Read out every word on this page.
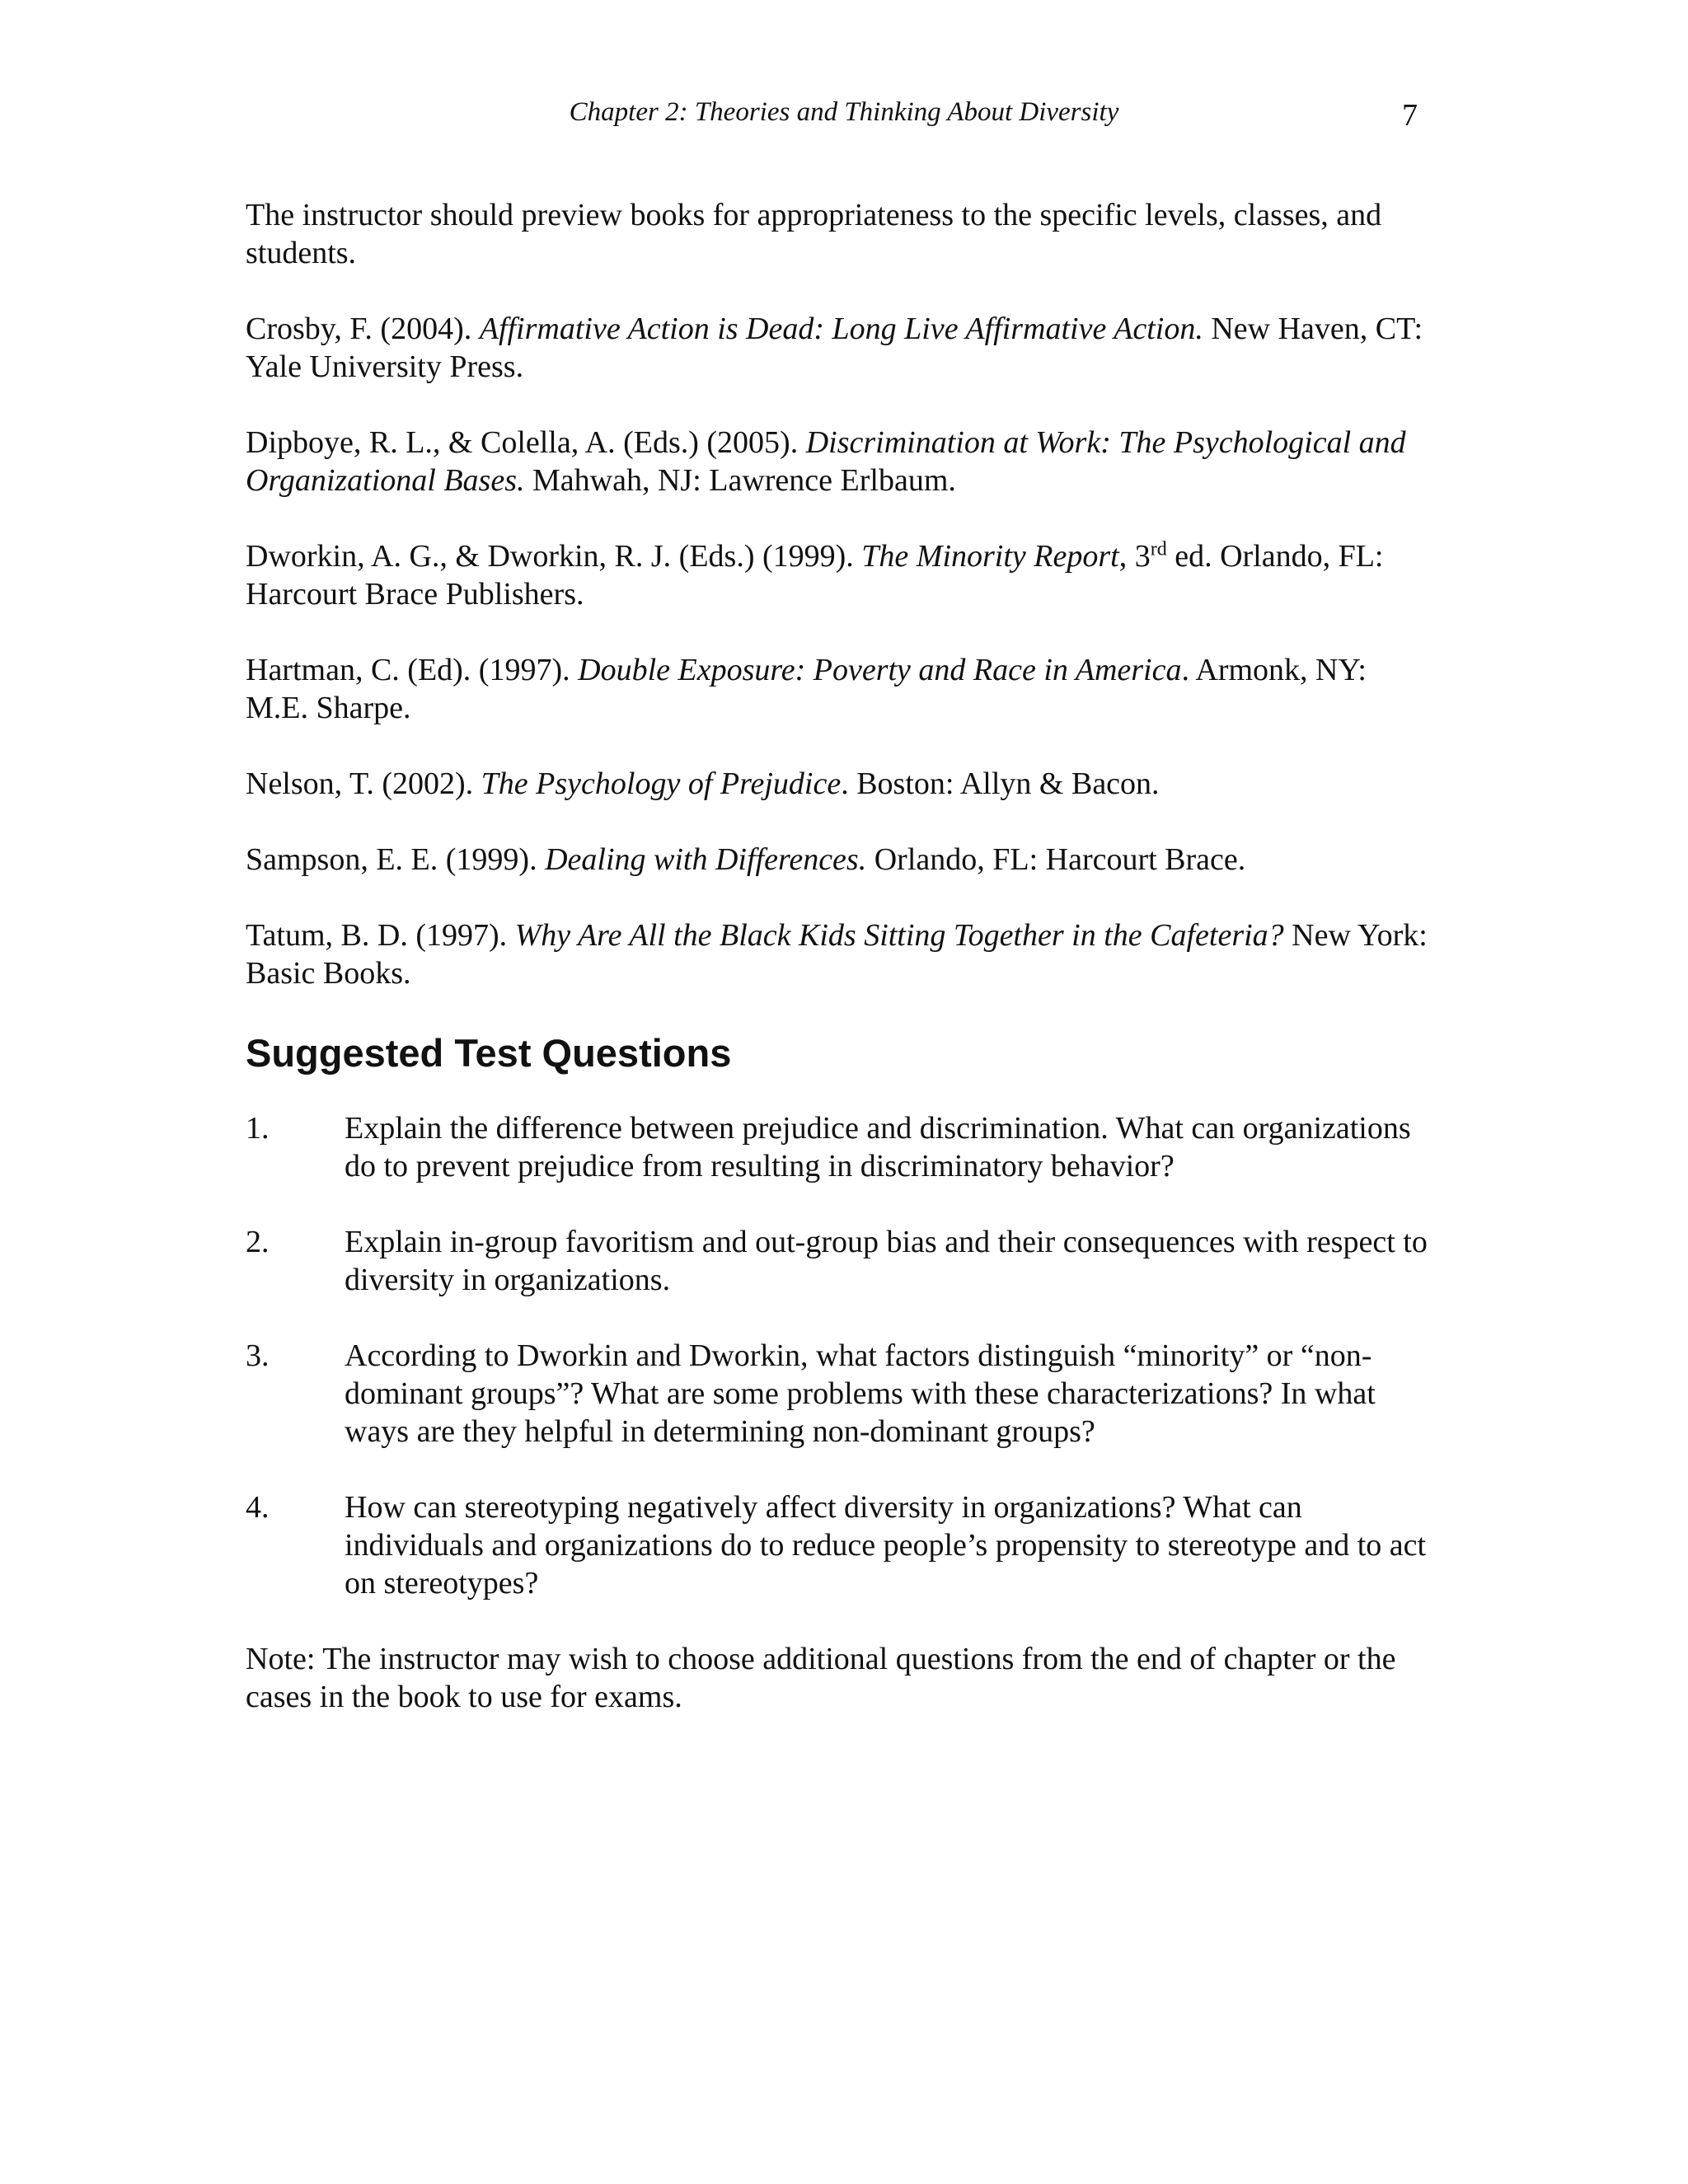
Chapter 2: Theories and Thinking About Diversity	7

The instructor should preview books for appropriateness to the specific levels, classes, and students.

Crosby, F. (2004). Affirmative Action is Dead: Long Live Affirmative Action. New Haven, CT: Yale University Press.

Dipboye, R. L., & Colella, A. (Eds.) (2005). Discrimination at Work: The Psychological and Organizational Bases. Mahwah, NJ: Lawrence Erlbaum.

Dworkin, A. G., & Dworkin, R. J. (Eds.) (1999). The Minority Report, 3rd ed. Orlando, FL: Harcourt Brace Publishers.

Hartman, C. (Ed). (1997). Double Exposure: Poverty and Race in America. Armonk, NY: M.E. Sharpe.

Nelson, T. (2002). The Psychology of Prejudice. Boston: Allyn & Bacon.

Sampson, E. E. (1999). Dealing with Differences. Orlando, FL: Harcourt Brace.

Tatum, B. D. (1997). Why Are All the Black Kids Sitting Together in the Cafeteria? New York: Basic Books.

Suggested Test Questions
1.	Explain the difference between prejudice and discrimination. What can organizations do to prevent prejudice from resulting in discriminatory behavior?
2.	Explain in-group favoritism and out-group bias and their consequences with respect to diversity in organizations.
3.	According to Dworkin and Dworkin, what factors distinguish “minority” or “non-dominant groups”? What are some problems with these characterizations? In what ways are they helpful in determining non-dominant groups?
4.	How can stereotyping negatively affect diversity in organizations? What can individuals and organizations do to reduce people’s propensity to stereotype and to act on stereotypes?

Note: The instructor may wish to choose additional questions from the end of chapter or the cases in the book to use for exams.
